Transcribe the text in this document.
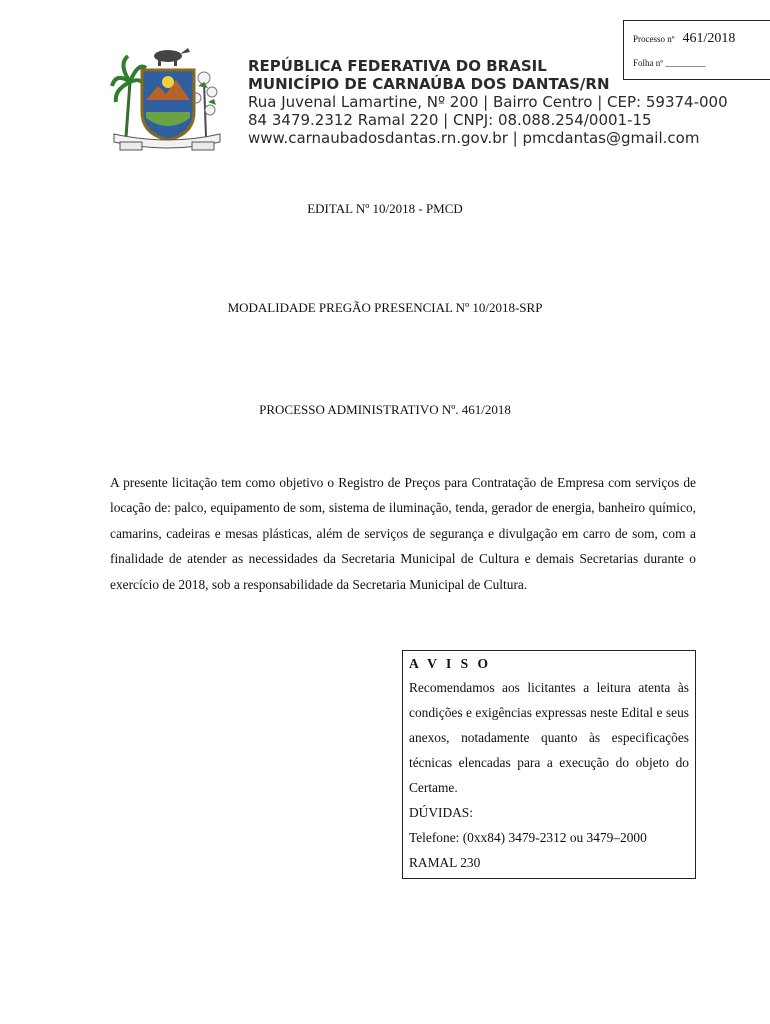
Processo nº 461/2018
Folha nº _________
REPÚBLICA FEDERATIVA DO BRASIL
MUNICÍPIO DE CARNAÚBA DOS DANTAS/RN
Rua Juvenal Lamartine, Nº 200 | Bairro Centro | CEP: 59374-000
84 3479.2312 Ramal 220 | CNPJ: 08.088.254/0001-15
www.carnaubadosdantas.rn.gov.br | pmcdantas@gmail.com
EDITAL Nº 10/2018 - PMCD
MODALIDADE PREGÃO PRESENCIAL Nº 10/2018-SRP
PROCESSO ADMINISTRATIVO Nº. 461/2018

A presente licitação tem como objetivo o Registro de Preços para Contratação de Empresa com serviços de locação de: palco, equipamento de som, sistema de iluminação, tenda, gerador de energia, banheiro químico, camarins, cadeiras e mesas plásticas, além de serviços de segurança e divulgação em carro de som, com a finalidade de atender as necessidades da Secretaria Municipal de Cultura e demais Secretarias durante o exercício de 2018, sob a responsabilidade da Secretaria Municipal de Cultura.

A V I S O
Recomendamos aos licitantes a leitura atenta às condições e exigências expressas neste Edital e seus anexos, notadamente quanto às especificações técnicas elencadas para a execução do objeto do Certame.
DÚVIDAS:
Telefone: (0xx84) 3479-2312 ou 3479–2000
RAMAL 230
